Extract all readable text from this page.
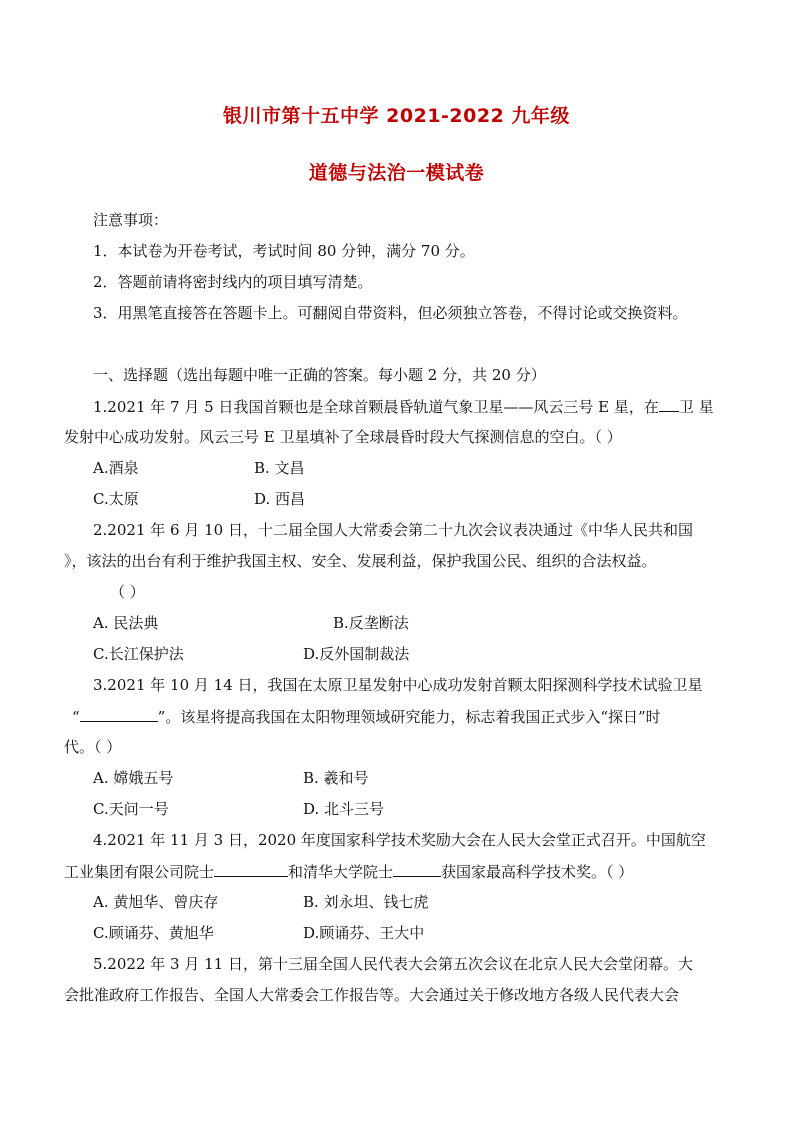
银川市第十五中学 2021-2022 九年级
道德与法治一模试卷
注意事项：
1．本试卷为开卷考试，考试时间 80 分钟，满分 70 分。
2．答题前请将密封线内的项目填写清楚。
3．用黑笔直接答在答题卡上。可翻阅自带资料，但必须独立答卷，不得讨论或交换资料。
一、选择题（选出每题中唯一正确的答案。每小题 2 分，共 20 分）
1.2021 年 7 月 5 日我国首颗也是全球首颗晨昏轨道气象卫星——风云三号 E 星，在 卫 星
发射中心成功发射。风云三号 E 卫星填补了全球晨昏时段大气探测信息的空白。（ ）
A.酒泉	B. 文昌
C.太原	D. 西昌
2.2021 年 6 月 10 日，十二届全国人大常委会第二十九次会议表决通过《中华人民共和国
》，该法的出台有利于维护我国主权、安全、发展利益，保护我国公民、组织的合法权益。
（ ）
A. 民法典	B.反垄断法
C.长江保护法	D.反外国制裁法
3.2021 年 10 月 14 日，我国在太原卫星发射中心成功发射首颗太阳探测科学技术试验卫星
“	”。该星将提高我国在太阳物理领域研究能力，标志着我国正式步入“探日”时
代。（ ）
A. 嫦娥五号	B. 羲和号
C.天问一号	D. 北斗三号
4.2021 年 11 月 3 日，2020 年度国家科学技术奖励大会在人民大会堂正式召开。中国航空
工业集团有限公司院士	和清华大学院士	获国家最高科学技术奖。（ ）
A. 黄旭华、曾庆存	B. 刘永坦、钱七虎
C.顾诵芬、黄旭华	D.顾诵芬、王大中
5.2022 年 3 月 11 日，第十三届全国人民代表大会第五次会议在北京人民大会堂闭幕。大
会批准政府工作报告、全国人大常委会工作报告等。大会通过关于修改地方各级人民代表大会
